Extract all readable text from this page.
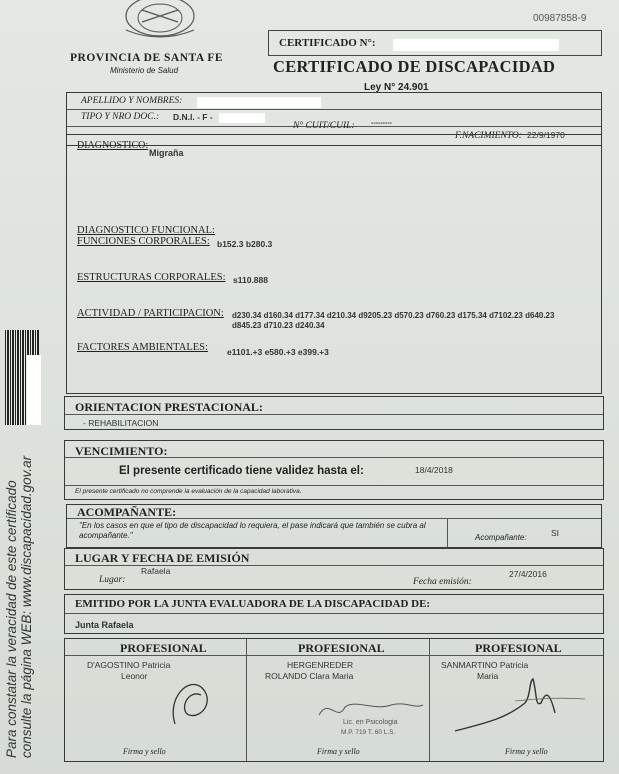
Para constatar la veracidad de este certificado consulte la página WEB: www.discapacidad.gov.ar
PROVINCIA DE SANTA FE
Ministerio de Salud
00987858-9
CERTIFICADO N°:
CERTIFICADO DE DISCAPACIDAD
Ley N° 24.901
APELLIDO Y NOMBRES:
TIPO Y NRO DOC.: D.N.I. - F -
N° CUIT/CUIL: ---------
F.NACIMIENTO: 22/9/1970
DIAGNOSTICO:
Migraña
DIAGNOSTICO FUNCIONAL:
FUNCIONES CORPORALES: b152.3 b280.3
ESTRUCTURAS CORPORALES: s110.888
ACTIVIDAD / PARTICIPACION: d230.34 d160.34 d177.34 d210.34 d9205.23 d570.23 d760.23 d175.34 d7102.23 d640.23
d845.23 d710.23 d240.34
FACTORES AMBIENTALES: e1101.+3 e580.+3 e399.+3
ORIENTACION PRESTACIONAL:
- REHABILITACION
VENCIMIENTO:
El presente certificado tiene validez hasta el:	18/4/2018
El presente certificado no comprende la evaluación de la capacidad laborativa.
ACOMPAÑANTE:
"En los casos en que el tipo de discapacidad lo requiera, el pase indicará que también se cubra al acompañante."	Acompañante:	SI
LUGAR Y FECHA DE EMISIÓN
Lugar:
Rafaela
Fecha emisión:
27/4/2016
EMITIDO POR LA JUNTA EVALUADORA DE LA DISCAPACIDAD DE:
Junta Rafaela
PROFESIONAL
D'AGOSTINO Patricia
Leonor
Firma y sello
PROFESIONAL
HERGENREDER
ROLANDO Clara Maria
Lic. en Psicologia
M.P. 719 T. 60 L.S.
Firma y sello
PROFESIONAL
SANMARTINO Patricia
Maria
Firma y sello
